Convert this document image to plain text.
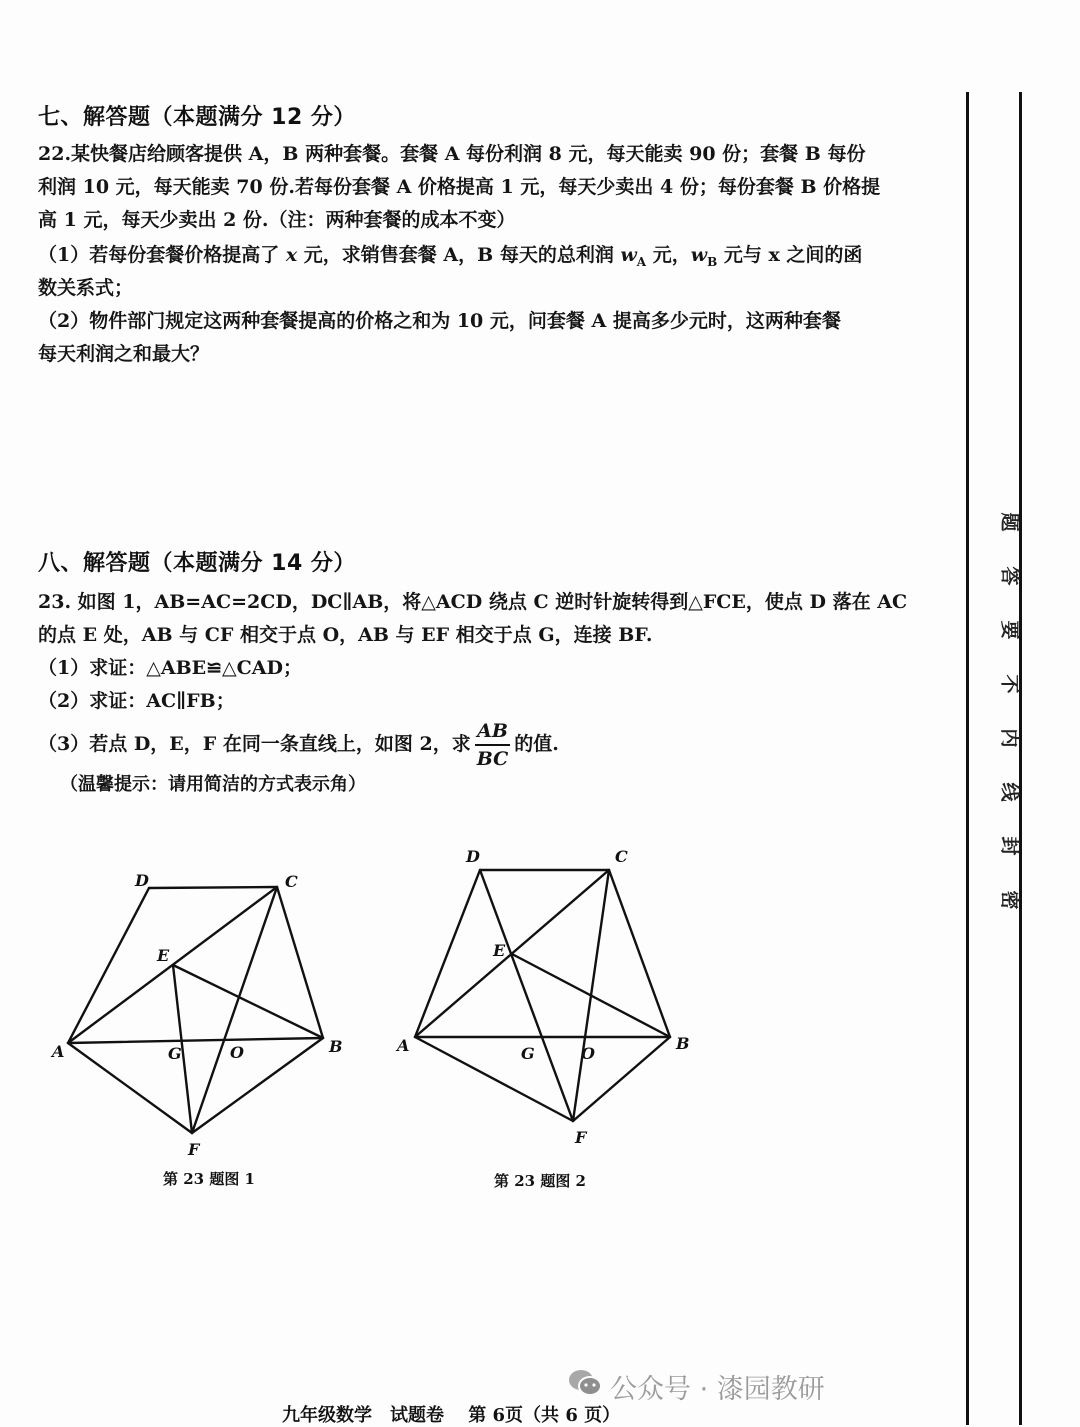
七、解答题（本题满分 12 分）
22.某快餐店给顾客提供 A，B 两种套餐。套餐 A 每份利润 8 元，每天能卖 90 份；套餐 B 每份
利润 10 元，每天能卖 70 份.若每份套餐 A 价格提高 1 元，每天少卖出 4 份；每份套餐 B 价格提
高 1 元，每天少卖出 2 份.（注：两种套餐的成本不变）
（1）若每份套餐价格提高了 x 元，求销售套餐 A，B 每天的总利润 $w_A$ 元，$w_B$ 元与 x 之间的函
数关系式；
（2）物件部门规定这两种套餐提高的价格之和为 10 元，问套餐 A 提高多少元时，这两种套餐
每天利润之和最大？
八、解答题（本题满分 14 分）
23. 如图 1，AB=AC=2CD，DC∥AB，将△ACD 绕点 C 逆时针旋转得到△FCE，使点 D 落在 AC
的点 E 处，AB 与 CF 相交于点 O，AB 与 EF 相交于点 G，连接 BF.
（1）求证：△ABE≌△CAD；
（2）求证：AC∥FB；
（3）若点 D，E，F 在同一条直线上，如图 2，求 $\frac{AB}{BC}$ 的值.
（温馨提示：请用简洁的方式表示角）
A	B
C
D
E
F
G	O
第 23 题图 1
A	B
C
D
E
F
G	O
第 23 题图 2
题
答
要
不
内
线
封
密
公众号 · 漆园教研
九年级数学　试题卷　 第 6页（共 6 页）
